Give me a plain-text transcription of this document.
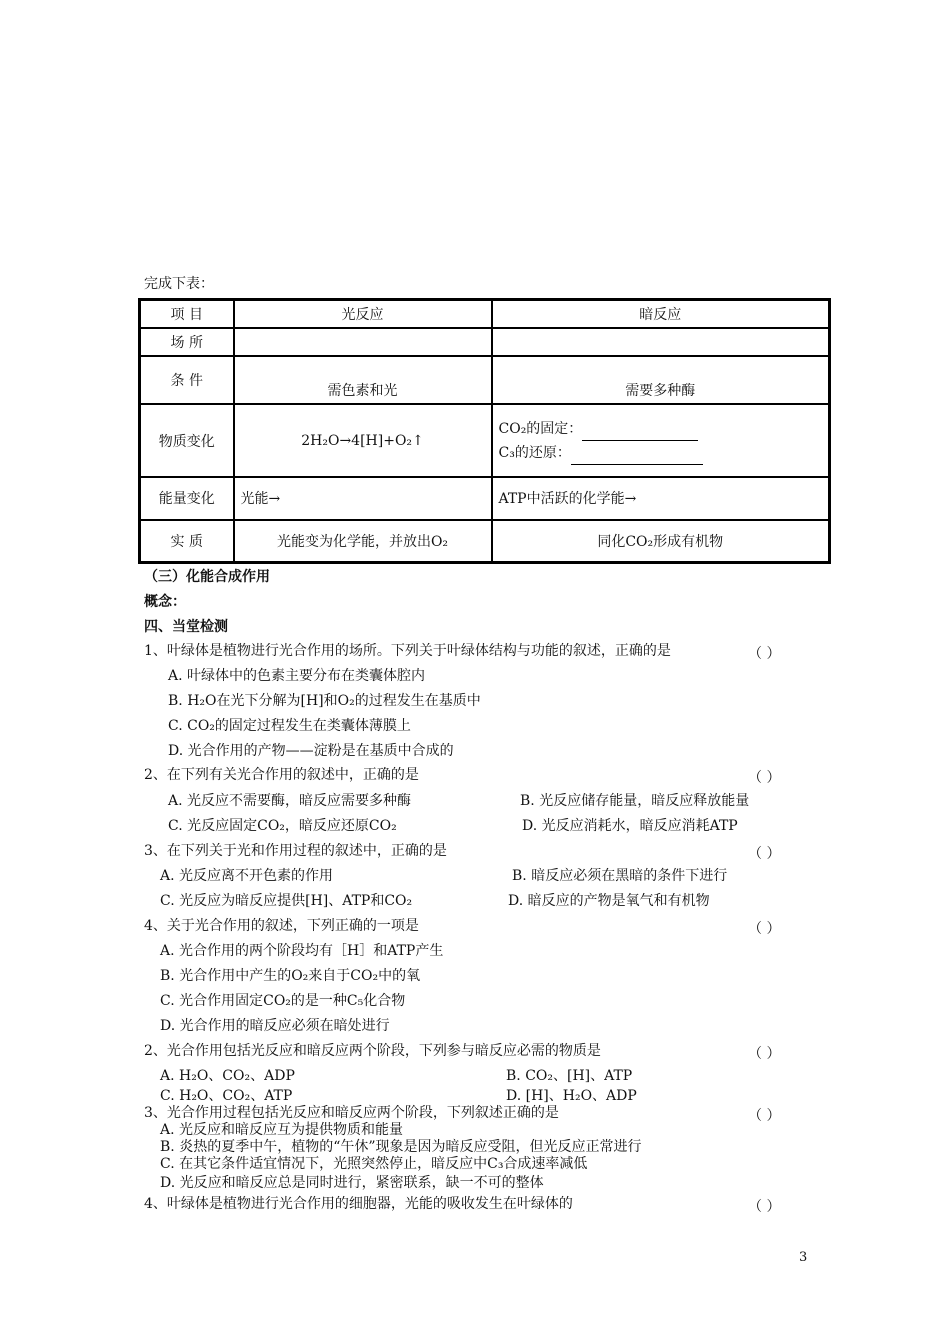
完成下表：
项 目	光反应	暗反应
场 所		
条 件	需色素和光	需要多种酶
物质变化	2H₂O→4[H]+O₂↑	CO₂的固定：
C₃的还原：

能量变化	光能→	ATP中活跃的化学能→
实 质	光能变为化学能，并放出O₂	同化CO₂形成有机物
（三）化能合成作用
概念：
四、当堂检测
1、叶绿体是植物进行光合作用的场所。下列关于叶绿体结构与功能的叙述，正确的是	（ ）
A. 叶绿体中的色素主要分布在类囊体腔内
B. H₂O在光下分解为[H]和O₂的过程发生在基质中
C. CO₂的固定过程发生在类囊体薄膜上
D. 光合作用的产物——淀粉是在基质中合成的
2、在下列有关光合作用的叙述中，正确的是	（ ）
A. 光反应不需要酶，暗反应需要多种酶	B. 光反应储存能量，暗反应释放能量
C. 光反应固定CO₂，暗反应还原CO₂	D. 光反应消耗水，暗反应消耗ATP
3、在下列关于光和作用过程的叙述中，正确的是	（ ）
A. 光反应离不开色素的作用	B. 暗反应必须在黑暗的条件下进行
C. 光反应为暗反应提供[H]、ATP和CO₂	D. 暗反应的产物是氧气和有机物
4、关于光合作用的叙述，下列正确的一项是	（ ）
A. 光合作用的两个阶段均有［H］和ATP产生
B. 光合作用中产生的O₂来自于CO₂中的氧
C. 光合作用固定CO₂的是一种C₅化合物
D. 光合作用的暗反应必须在暗处进行
2、光合作用包括光反应和暗反应两个阶段，下列参与暗反应必需的物质是	（ ）
A. H₂O、CO₂、ADP	B. CO₂、[H]、ATP
C. H₂O、CO₂、ATP	D. [H]、H₂O、ADP
3、光合作用过程包括光反应和暗反应两个阶段，下列叙述正确的是	（ ）
A. 光反应和暗反应互为提供物质和能量
B. 炎热的夏季中午，植物的“午休”现象是因为暗反应受阻，但光反应正常进行
C. 在其它条件适宜情况下，光照突然停止，暗反应中C₃合成速率减低
D. 光反应和暗反应总是同时进行，紧密联系，缺一不可的整体
4、叶绿体是植物进行光合作用的细胞器，光能的吸收发生在叶绿体的	（ ）
3
